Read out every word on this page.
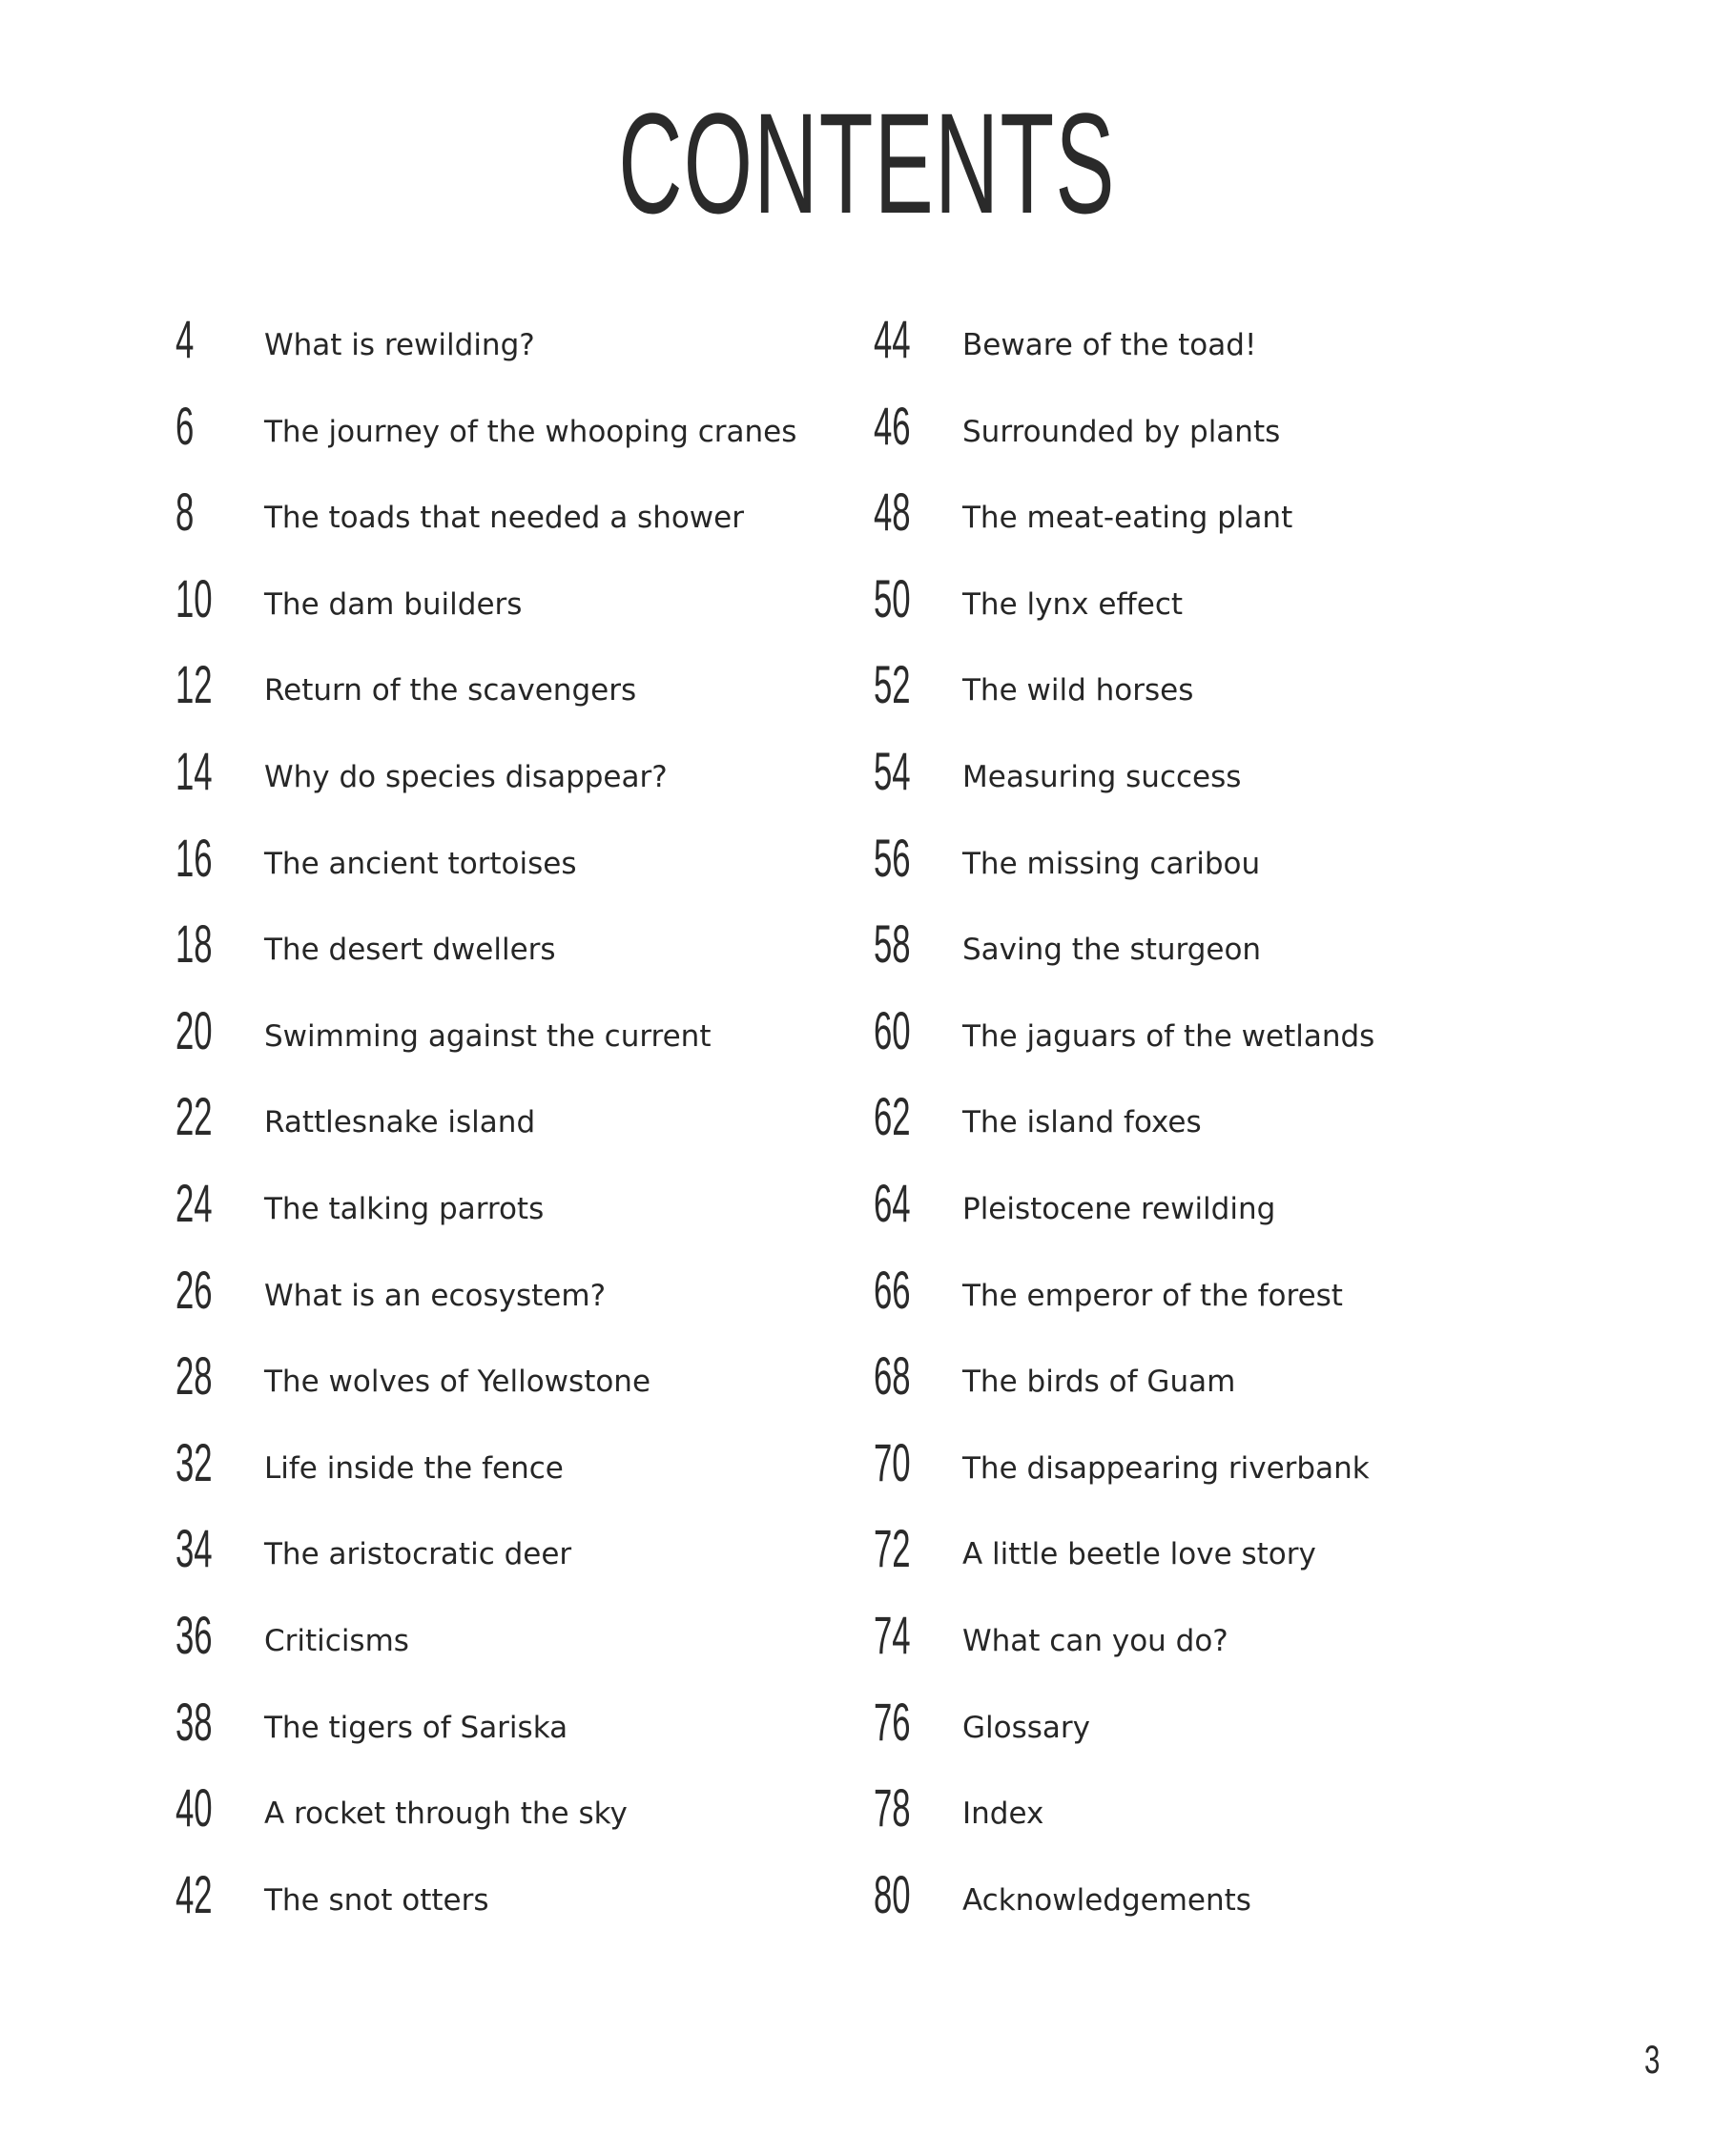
CONTENTS
4	What is rewilding?
6	The journey of the whooping cranes
8	The toads that needed a shower
10	The dam builders
12	Return of the scavengers
14	Why do species disappear?
16	The ancient tortoises
18	The desert dwellers
20	Swimming against the current
22	Rattlesnake island
24	The talking parrots
26	What is an ecosystem?
28	The wolves of Yellowstone
32	Life inside the fence
34	The aristocratic deer
36	Criticisms
38	The tigers of Sariska
40	A rocket through the sky
42	The snot otters
44	Beware of the toad!
46	Surrounded by plants
48	The meat-eating plant
50	The lynx effect
52	The wild horses
54	Measuring success
56	The missing caribou
58	Saving the sturgeon
60	The jaguars of the wetlands
62	The island foxes
64	Pleistocene rewilding
66	The emperor of the forest
68	The birds of Guam
70	The disappearing riverbank
72	A little beetle love story
74	What can you do?
76	Glossary
78	Index
80	Acknowledgements
3
